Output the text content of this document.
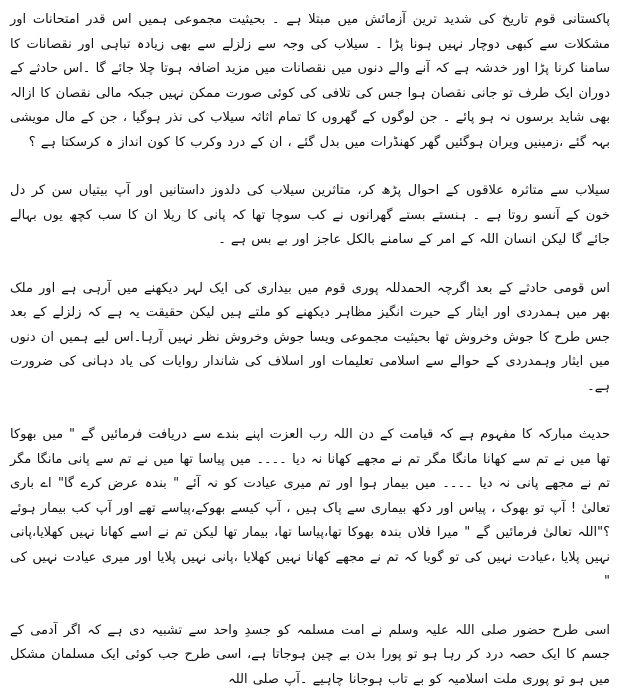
پاکستانی قوم تاریخ کی شدید ترین آزمائش میں مبتلا ہے ۔ بحیثیت مجموعی ہمیں اس قدر امتحانات اور مشکلات سے کبھی دوچار نہیں ہونا پڑا ۔ سیلاب کی وجہ سے زلزلے سے بھی زیادہ تباہی اور نقصانات کا سامنا کرنا پڑا اور خدشہ ہے کہ آنے والے دنوں میں نقصانات میں مزید اضافہ ہوتا چلا جائے گا ۔اس حادثے کے دوران ایک طرف تو جانی نقصان ہوا جس کی تلافی کی کوئی صورت ممکن نہیں جبکہ مالی نقصان کا ازالہ بھی شاید برسوں نہ ہو پائے ۔ جن لوگوں کے گھروں کا تمام اثاثہ سیلاب کی نذر ہوگیا ، جن کے مال مویشی بہہ گئے ،زمینیں ویران ہوگئیں گھر کھنڈرات میں بدل گئے ، ان کے درد وکرب کا کون انداز ہ کرسکتا ہے ؟

سیلاب سے متاثرہ علاقوں کے احوال پڑھ کر، متاثرین سیلاب کی دلدوز داستانیں اور آپ بیتیاں سن کر دل خون کے آنسو روتا ہے ۔ ہنستے بستے گھرانوں نے کب سوچا تھا کہ پانی کا ریلا ان کا سب کچھ یوں بہالے جائے گا لیکن انسان اللہ کے امر کے سامنے بالکل عاجز اور بے بس ہے ۔

اس قومی حادثے کے بعد اگرچہ الحمدللہ پوری قوم میں بیداری کی ایک لہر دیکھنے میں آرہی ہے اور ملک بھر میں ہمدردی اور ایثار کے حیرت انگیز مظاہر دیکھنے کو ملتے ہیں لیکن حقیقت یہ ہے کہ زلزلے کے بعد جس طرح کا جوش وخروش تھا بحیثیت مجموعی ویسا جوش وخروش نظر نہیں آرہا۔اس لیے ہمیں ان دنوں میں ایثار وہمدردی کے حوالے سے اسلامی تعلیمات اور اسلاف کی شاندار روایات کی یاد دہانی کی ضرورت ہے۔

حدیث مبارکہ کا مفہوم ہے کہ قیامت کے دن اللہ رب العزت اپنے بندے سے دریافت فرمائیں گے " میں بھوکا تھا میں نے تم سے کھانا مانگا مگر تم نے مجھے کھانا نہ دیا ۔۔۔۔ میں پیاسا تھا میں نے تم سے پانی مانگا مگر تم نے مجھے پانی نہ دیا ۔۔۔۔ میں بیمار ہوا اور تم میری عیادت کو نہ آئے " بندہ عرض کرے گا" اے باری تعالیٰ ! آپ تو بھوک ، پیاس اور دکھ بیماری سے پاک ہیں ، آپ کیسے بھوکے،پیاسے تھے اور آپ کب بیمار ہوئے ؟"اللہ تعالیٰ فرمائیں گے " میرا فلاں بندہ بھوکا تھا،پیاسا تھا، بیمار تھا لیکن تم نے اسے کھانا نہیں کھلایا،پانی نہیں پلایا ،عیادت نہیں کی تو گویا کہ تم نے مجھے کھانا نہیں کھلایا ،پانی نہیں پلایا اور میری عیادت نہیں کی "

اسی طرح حضور صلی اللہ علیہ وسلم نے امت مسلمہ کو جسدِ واحد سے تشبیہ دی ہے کہ اگر آدمی کے جسم کا ایک حصہ درد کر رہا ہو تو پورا بدن بے چین ہوجاتا ہے، اسی طرح جب کوئی ایک مسلمان مشکل میں ہو تو پوری ملت اسلامیہ کو بے تاب ہوجانا چاہیے ۔آپ صلی اللہ
